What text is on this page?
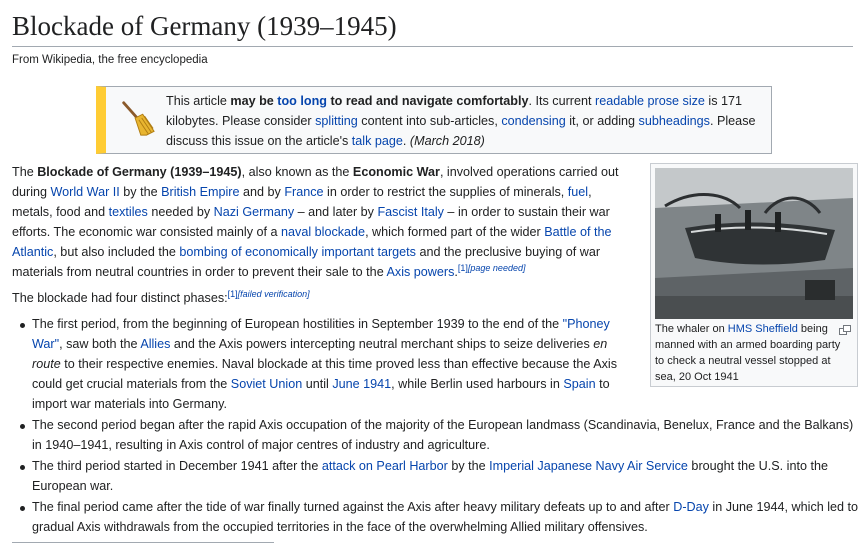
Blockade of Germany (1939–1945)
From Wikipedia, the free encyclopedia
This article may be too long to read and navigate comfortably. Its current readable prose size is 171 kilobytes. Please consider splitting content into sub-articles, condensing it, or adding subheadings. Please discuss this issue on the article's talk page. (March 2018)
The whaler on HMS Sheffield being manned with an armed boarding party to check a neutral vessel stopped at sea, 20 Oct 1941

The Blockade of Germany (1939–1945), also known as the Economic War, involved operations carried out during World War II by the British Empire and by France in order to restrict the supplies of minerals, fuel, metals, food and textiles needed by Nazi Germany – and later by Fascist Italy – in order to sustain their war efforts. The economic war consisted mainly of a naval blockade, which formed part of the wider Battle of the Atlantic, but also included the bombing of economically important targets and the preclusive buying of war materials from neutral countries in order to prevent their sale to the Axis powers.[1][page needed]

The blockade had four distinct phases:[1][failed verification]

The first period, from the beginning of European hostilities in September 1939 to the end of the "Phoney War", saw both the Allies and the Axis powers intercepting neutral merchant ships to seize deliveries en route to their respective enemies. Naval blockade at this time proved less than effective because the Axis could get crucial materials from the Soviet Union until June 1941, while Berlin used harbours in Spain to import war materials into Germany.
The second period began after the rapid Axis occupation of the majority of the European landmass (Scandinavia, Benelux, France and the Balkans) in 1940–1941, resulting in Axis control of major centres of industry and agriculture.
The third period started in December 1941 after the attack on Pearl Harbor by the Imperial Japanese Navy Air Service brought the U.S. into the European war.
The final period came after the tide of war finally turned against the Axis after heavy military defeats up to and after D-Day in June 1944, which led to gradual Axis withdrawals from the occupied territories in the face of the overwhelming Allied military offensives.
